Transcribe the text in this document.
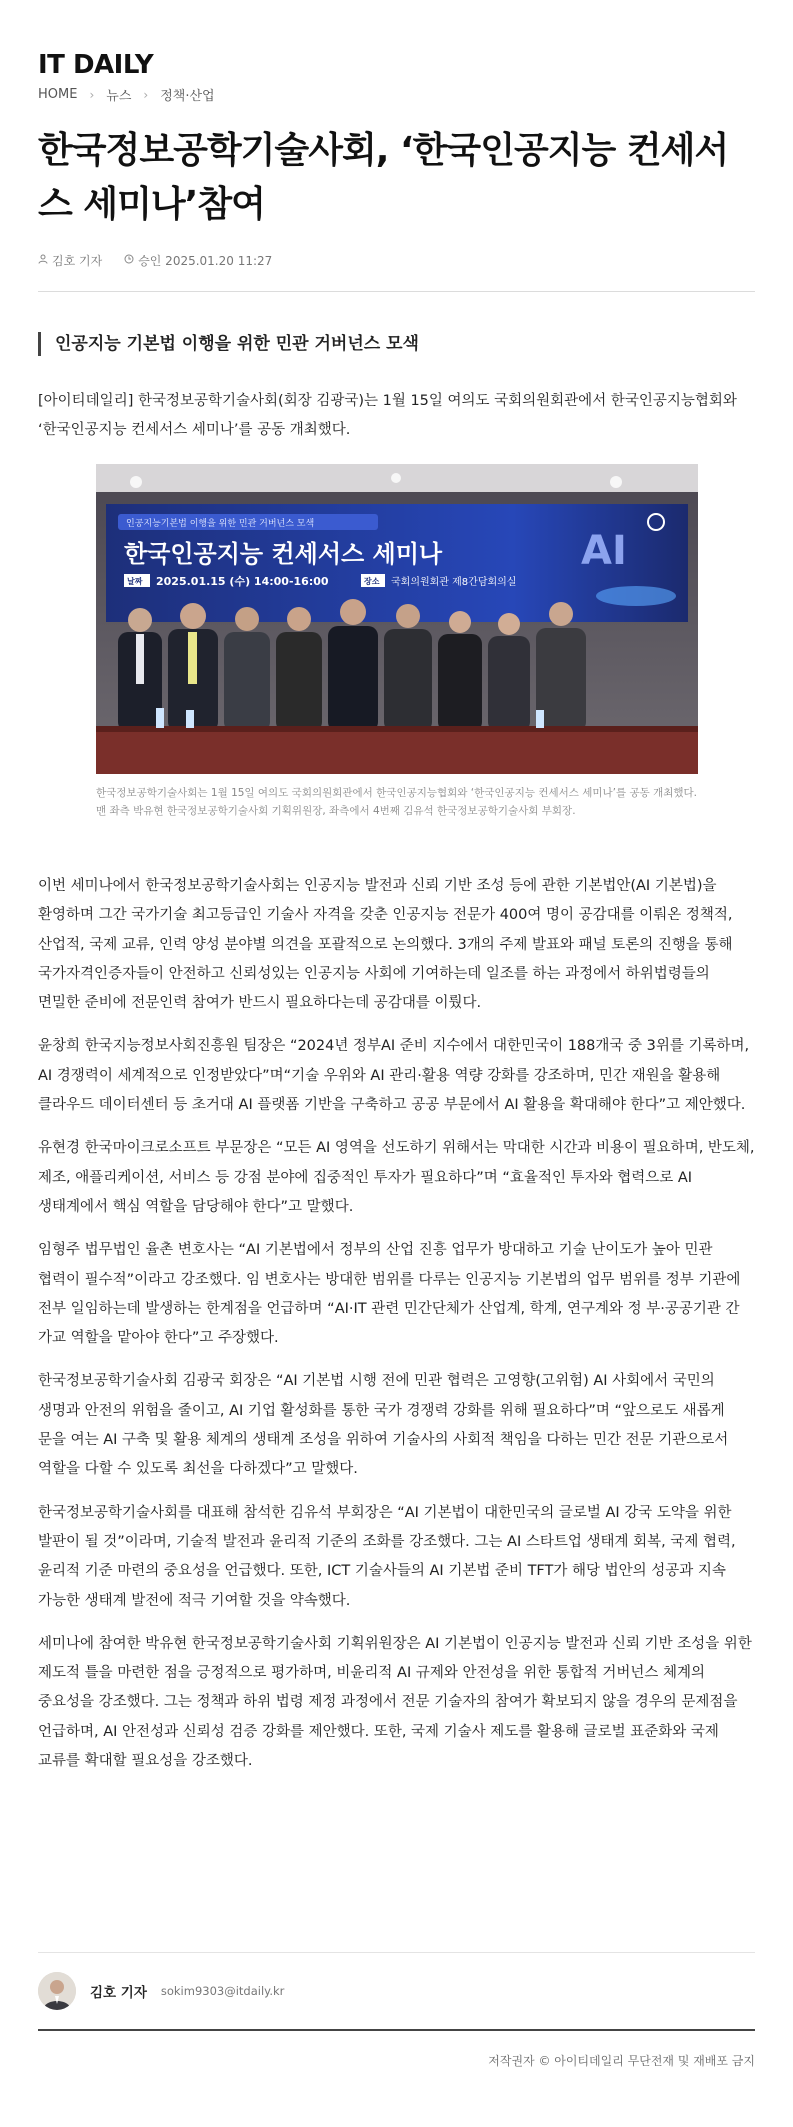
IT DAILY
HOME › 뉴스 › 정책·산업
한국정보공학기술사회, ‘한국인공지능 컨세서스 세미나’참여
김호 기자	승인 2025.01.20 11:27
인공지능 기본법 이행을 위한 민관 거버넌스 모색

[아이티데일리] 한국정보공학기술사회(회장 김광국)는 1월 15일 여의도 국회의원회관에서 한국인공지능협회와 ‘한국인공지능 컨세서스 세미나’를 공동 개최했다.

인공지능기본법 이행을 위한 민관 거버넌스 모색
한국인공지능 컨세서스 세미나
날짜 2025.01.15 (수) 14:00-16:00	장소 국회의원회관 제8간담회의실
AI

한국정보공학기술사회는 1월 15일 여의도 국회의원회관에서 한국인공지능협회와 ‘한국인공지능 컨세서스 세미나’를 공동 개최했다. 맨 좌측 박유현 한국정보공학기술사회 기획위원장, 좌측에서 4번째 김유석 한국정보공학기술사회 부회장.

이번 세미나에서 한국정보공학기술사회는 인공지능 발전과 신뢰 기반 조성 등에 관한 기본법안(AI 기본법)을 환영하며 그간 국가기술 최고등급인 기술사 자격을 갖춘 인공지능 전문가 400여 명이 공감대를 이뤄온 정책적, 산업적, 국제 교류, 인력 양성 분야별 의견을 포괄적으로 논의했다. 3개의 주제 발표와 패널 토론의 진행을 통해 국가자격인증자들이 안전하고 신뢰성있는 인공지능 사회에 기여하는데 일조를 하는 과정에서 하위법령들의 면밀한 준비에 전문인력 참여가 반드시 필요하다는데 공감대를 이뤘다.

윤창희 한국지능정보사회진흥원 팀장은 “2024년 정부AI 준비 지수에서 대한민국이 188개국 중 3위를 기록하며, AI 경쟁력이 세계적으로 인정받았다”며“기술 우위와 AI 관리·활용 역량 강화를 강조하며, 민간 재원을 활용해 클라우드 데이터센터 등 초거대 AI 플랫폼 기반을 구축하고 공공 부문에서 AI 활용을 확대해야 한다”고 제안했다.

유현경 한국마이크로소프트 부문장은 “모든 AI 영역을 선도하기 위해서는 막대한 시간과 비용이 필요하며, 반도체, 제조, 애플리케이션, 서비스 등 강점 분야에 집중적인 투자가 필요하다”며 “효율적인 투자와 협력으로 AI 생태계에서 핵심 역할을 담당해야 한다”고 말했다.

임형주 법무법인 율촌 변호사는 “AI 기본법에서 정부의 산업 진흥 업무가 방대하고 기술 난이도가 높아 민관 협력이 필수적”이라고 강조했다. 임 변호사는 방대한 범위를 다루는 인공지능 기본법의 업무 범위를 정부 기관에 전부 일임하는데 발생하는 한계점을 언급하며 “AI·IT 관련 민간단체가 산업계, 학계, 연구계와 정 부·공공기관 간 가교 역할을 맡아야 한다”고 주장했다.

한국정보공학기술사회 김광국 회장은 “AI 기본법 시행 전에 민관 협력은 고영향(고위험) AI 사회에서 국민의 생명과 안전의 위험을 줄이고, AI 기업 활성화를 통한 국가 경쟁력 강화를 위해 필요하다”며 “앞으로도 새롭게 문을 여는 AI 구축 및 활용 체계의 생태계 조성을 위하여 기술사의 사회적 책임을 다하는 민간 전문 기관으로서 역할을 다할 수 있도록 최선을 다하겠다”고 말했다.

한국정보공학기술사회를 대표해 참석한 김유석 부회장은 “AI 기본법이 대한민국의 글로벌 AI 강국 도약을 위한 발판이 될 것”이라며, 기술적 발전과 윤리적 기준의 조화를 강조했다. 그는 AI 스타트업 생태계 회복, 국제 협력, 윤리적 기준 마련의 중요성을 언급했다. 또한, ICT 기술사들의 AI 기본법 준비 TFT가 해당 법안의 성공과 지속 가능한 생태계 발전에 적극 기여할 것을 약속했다.

세미나에 참여한 박유현 한국정보공학기술사회 기획위원장은 AI 기본법이 인공지능 발전과 신뢰 기반 조성을 위한 제도적 틀을 마련한 점을 긍정적으로 평가하며, 비윤리적 AI 규제와 안전성을 위한 통합적 거버넌스 체계의 중요성을 강조했다. 그는 정책과 하위 법령 제정 과정에서 전문 기술자의 참여가 확보되지 않을 경우의 문제점을 언급하며, AI 안전성과 신뢰성 검증 강화를 제안했다. 또한, 국제 기술사 제도를 활용해 글로벌 표준화와 국제 교류를 확대할 필요성을 강조했다.

김호 기자 sokim9303@itdaily.kr
저작권자 © 아이티데일리 무단전재 및 재배포 금지
